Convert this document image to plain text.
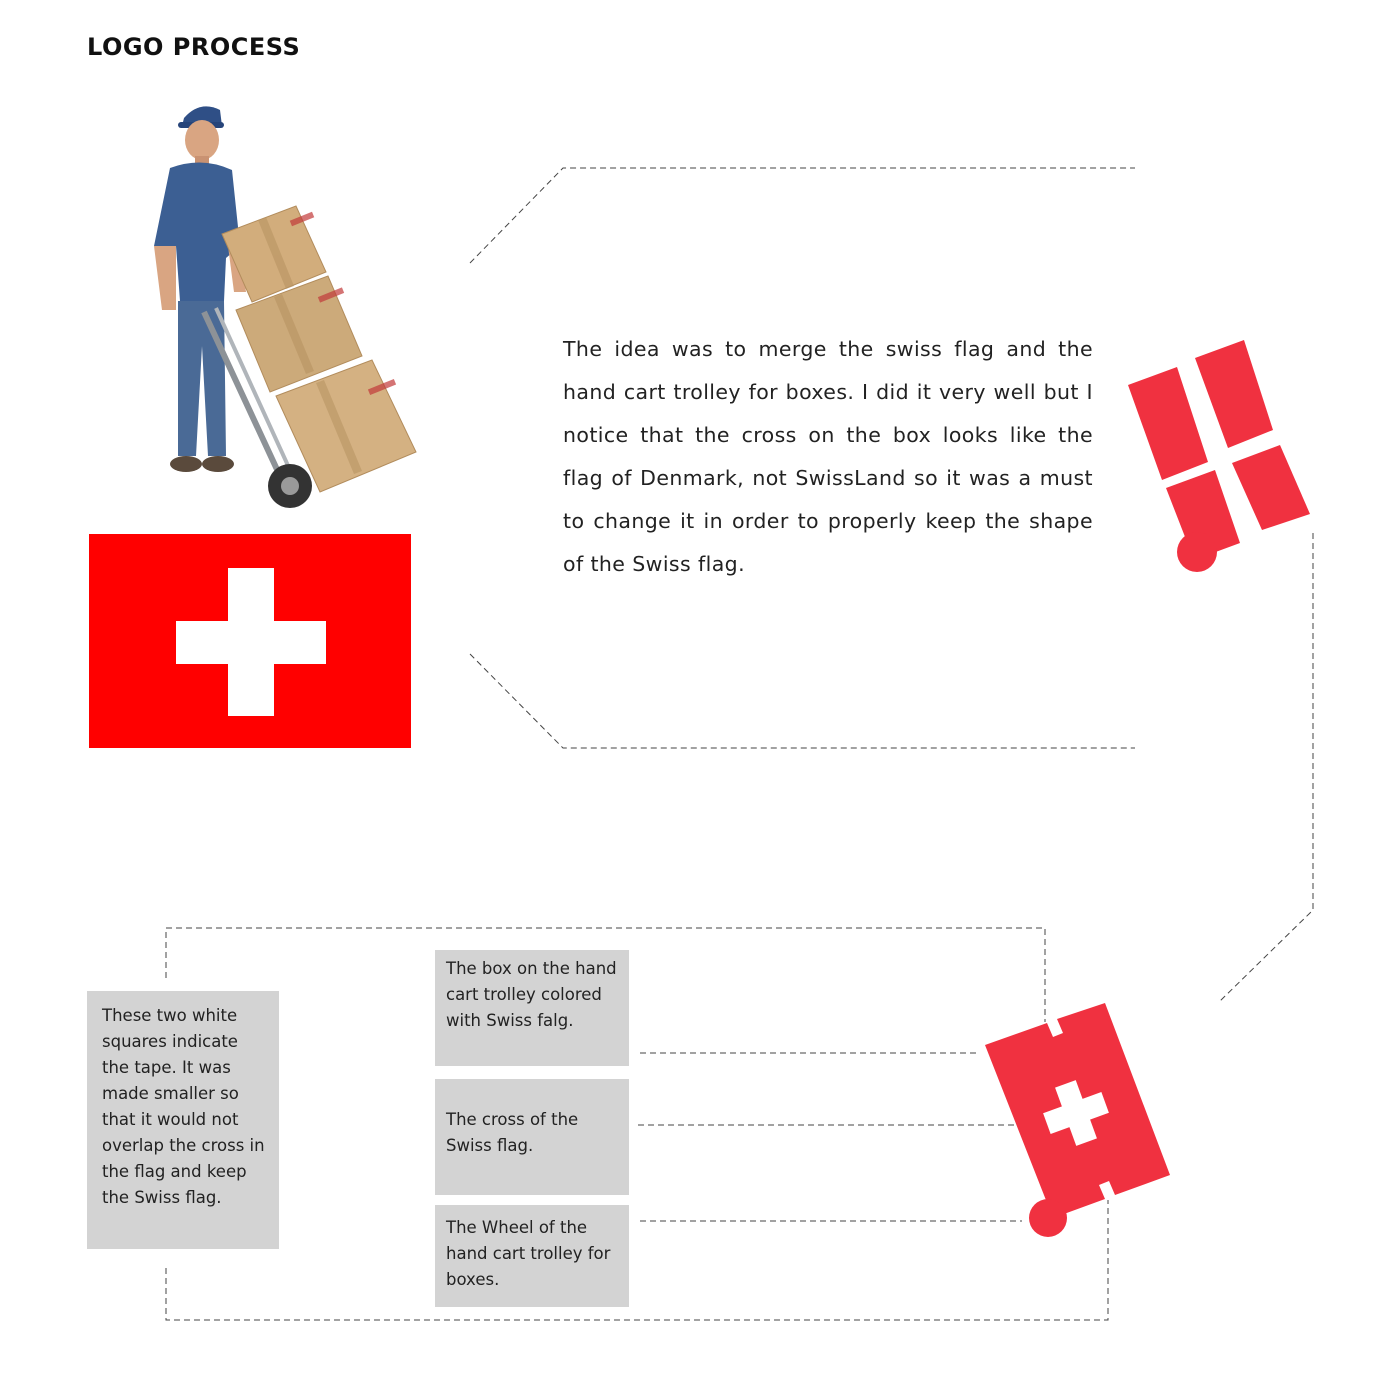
LOGO PROCESS

The idea was to merge the swiss flag and the hand cart trolley for boxes. I did it very well but I notice that the cross on the box looks like the flag of Denmark, not SwissLand so it was a must to change it in order to properly keep the shape of the Swiss flag.

These two white squares indicate the tape. It was made smaller so that it would not overlap the cross in the flag and keep the Swiss flag.

The box on the hand cart trolley colored with Swiss falg.

The cross of the Swiss flag.

The Wheel of the hand cart trolley for boxes.
